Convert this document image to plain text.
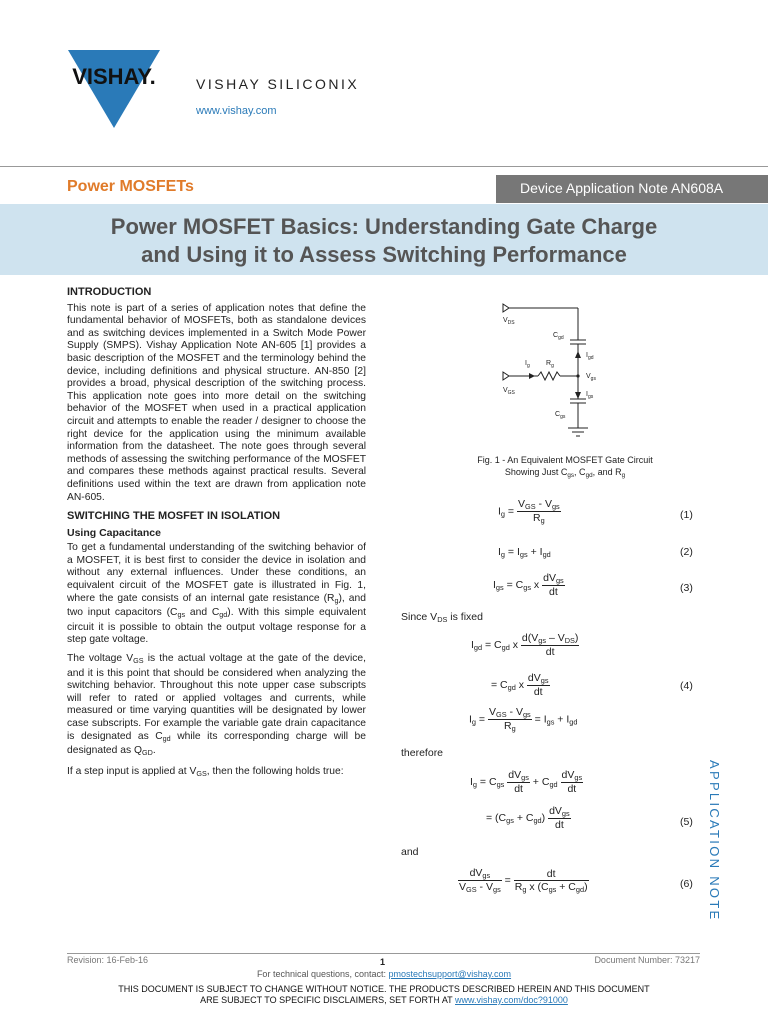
VISHAY.	VISHAY SILICONIX
www.vishay.com
Power MOSFETs	Device Application Note AN608A
Power MOSFET Basics: Understanding Gate Charge
and Using it to Assess Switching Performance
INTRODUCTION

This note is part of a series of application notes that define the fundamental behavior of MOSFETs, both as standalone devices and as switching devices implemented in a Switch Mode Power Supply (SMPS). Vishay Application Note AN-605 [1] provides a basic description of the MOSFET and the terminology behind the device, including definitions and physical structure. AN-850 [2] provides a broad, physical description of the switching process. This application note goes into more detail on the switching behavior of the MOSFET when used in a practical application circuit and attempts to enable the reader / designer to choose the right device for the application using the minimum available information from the datasheet. The note goes through several methods of assessing the switching performance of the MOSFET and compares these methods against practical results. Several definitions used within the text are drawn from application note AN-605.

SWITCHING THE MOSFET IN ISOLATION
Using Capacitance

To get a fundamental understanding of the switching behavior of a MOSFET, it is best first to consider the device in isolation and without any external influences. Under these conditions, an equivalent circuit of the MOSFET gate is illustrated in Fig. 1, where the gate consists of an internal gate resistance $(R_g)$, and two input capacitors ($C_{gs}$ and $C_{gd}$). With this simple equivalent circuit it is possible to obtain the output voltage response for a step gate voltage.

The voltage $V_{GS}$ is the actual voltage at the gate of the device, and it is this point that should be considered when analyzing the switching behavior. Throughout this note upper case subscripts will refer to rated or applied voltages and currents, while measured or time varying quantities will be designated by lower case subscripts. For example the variable gate drain capacitance is designated as $C_{gd}$ while its corresponding charge will be designated as $Q_{GD}$.

If a step input is applied at $V_{GS}$, then the following holds true:

$V_{DS}$
$V_{GS}$
$C_{gd}$
$C_{gs}$
$I_g$ $R_g$
$I_{gd}$
$V_{gs}$
$I_{gs}$
Fig. 1 - An Equivalent MOSFET Gate Circuit
Showing Just $C_{gs}$, $C_{gd}$, and $R_g$
$I_g = \frac{V_{GS} - V_{gs}}{R_g}$	(1)
$I_g = I_{gs} + I_{gd}$	(2)
$I_{gs} = C_{gs}$ x $\frac{dV_{gs}}{dt}$	(3)
Since $V_{DS}$ is fixed
$I_{gd} = C_{gd}$ x $\frac{d(V_{gs} - V_{DS})}{dt}$
= $C_{gd}$ x $\frac{dV_{gs}}{dt}$	(4)
$I_g = \frac{V_{GS} - V_{gs}}{R_g} = I_{gs} + I_{gd}$
therefore
$I_g = C_{gs} \frac{dV_{gs}}{dt} + C_{gd} \frac{dV_{gs}}{dt}$
= $(C_{gs} + C_{gd}) \frac{dV_{gs}}{dt}$	(5)
and
$\frac{dV_{gs}}{V_{GS} - V_{gs}} = \frac{dt}{R_g x (C_{gs} + C_{gd})}$	(6) APPLICATION NOTE
Revision: 16-Feb-16	1	Document Number: 73217
For technical questions, contact: pmostechsupport@vishay.com
THIS DOCUMENT IS SUBJECT TO CHANGE WITHOUT NOTICE. THE PRODUCTS DESCRIBED HEREIN AND THIS DOCUMENT
ARE SUBJECT TO SPECIFIC DISCLAIMERS, SET FORTH AT www.vishay.com/doc?91000
